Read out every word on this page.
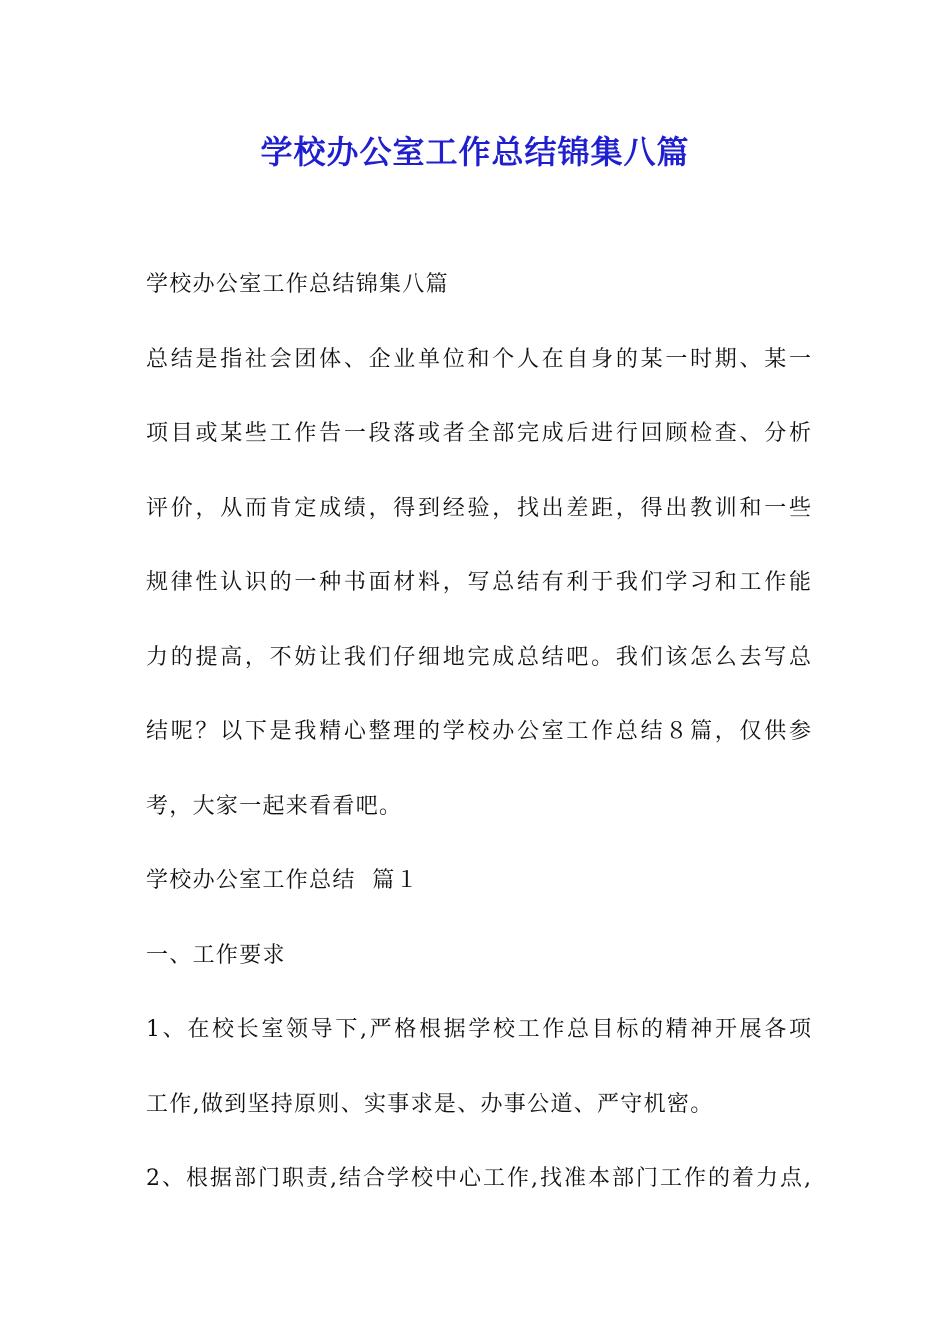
学校办公室工作总结锦集八篇
学校办公室工作总结锦集八篇
总结是指社会团体、企业单位和个人在自身的某一时期、某一
项目或某些工作告一段落或者全部完成后进行回顾检查、分析
评价，从而肯定成绩，得到经验，找出差距，得出教训和一些
规律性认识的一种书面材料，写总结有利于我们学习和工作能
力的提高，不妨让我们仔细地完成总结吧。我们该怎么去写总
结呢？以下是我精心整理的学校办公室工作总结８篇，仅供参
考，大家一起来看看吧。
学校办公室工作总结  篇１
一、工作要求
1、在校长室领导下,严格根据学校工作总目标的精神开展各项
工作,做到坚持原则、实事求是、办事公道、严守机密。
2、根据部门职责,结合学校中心工作,找准本部门工作的着力点,
